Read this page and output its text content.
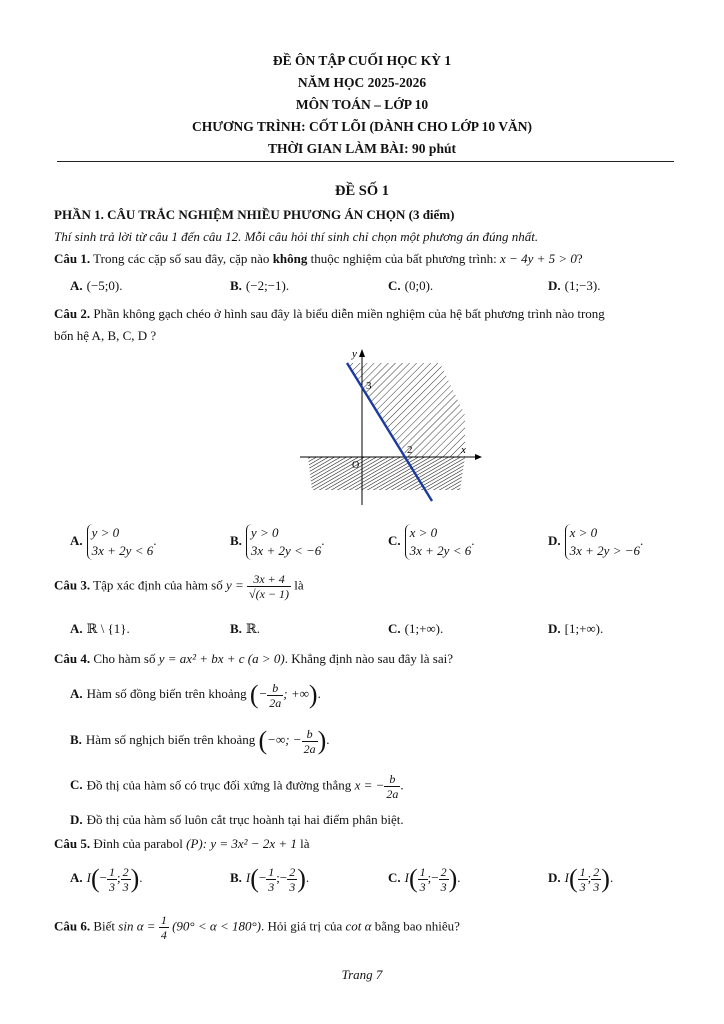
ĐỀ ÔN TẬP CUỐI HỌC KỲ 1
NĂM HỌC 2025-2026
MÔN TOÁN – LỚP 10
CHƯƠNG TRÌNH: CỐT LÕI (DÀNH CHO LỚP 10 VĂN)
THỜI GIAN LÀM BÀI: 90 phút
ĐỀ SỐ 1
PHẦN 1. CÂU TRẮC NGHIỆM NHIỀU PHƯƠNG ÁN CHỌN (3 điểm)
Thí sinh trả lời từ câu 1 đến câu 12. Mỗi câu hỏi thí sinh chỉ chọn một phương án đúng nhất.
Câu 1. Trong các cặp số sau đây, cặp nào không thuộc nghiệm của bất phương trình: x − 4y + 5 > 0?
A. (−5;0).	B. (−2;−1).	C. (0;0).	D. (1;−3).
Câu 2. Phần không gạch chéo ở hình sau đây là biểu diễn miền nghiệm của hệ bất phương trình nào trong
bốn hệ A, B, C, D ?
y
x
O
3
2
A.
y > 0
3x + 2y < 6
.	B.
y > 0
3x + 2y < −6
.	C.
x > 0
3x + 2y < 6
.	D.
x > 0
3x + 2y > −6
.
Câu 3. Tập xác định của hàm số $y = \frac{3x + 4}{√(x - 1)}$ là
A. ℝ \ {1}.	B. ℝ.	C. (1;+∞).	D. [1;+∞).
Câu 4. Cho hàm số y = ax² + bx + c (a > 0). Khẳng định nào sau đây là sai?
A. Hàm số đồng biến trên khoảng (− $\frac{b}{2a}$ ; +∞).
B. Hàm số nghịch biến trên khoảng (−∞; − $\frac{b}{2a}$ ).
C. Đồ thị của hàm số có trục đối xứng là đường thẳng x = − $\frac{b}{2a}$ .
D. Đồ thị của hàm số luôn cắt trục hoành tại hai điểm phân biệt.
Câu 5. Đỉnh của parabol (P): y = 3x² − 2x + 1 là
A. $I(- \frac{1}{3}$ ; $\frac{2}{3}$ ).	B. $I(- \frac{1}{3}$ ;− $\frac{2}{3}$ ).	C. $I( \frac{1}{3}$ ;− $\frac{2}{3}$ ).	D. $I( \frac{1}{3}$ ; $\frac{2}{3}$ ).
Câu 6. Biết $\sin \alpha = \frac{1}{4} (90^\circ < \alpha < 180^\circ)$. Hỏi giá trị của cot α bằng bao nhiêu?
Trang 7
